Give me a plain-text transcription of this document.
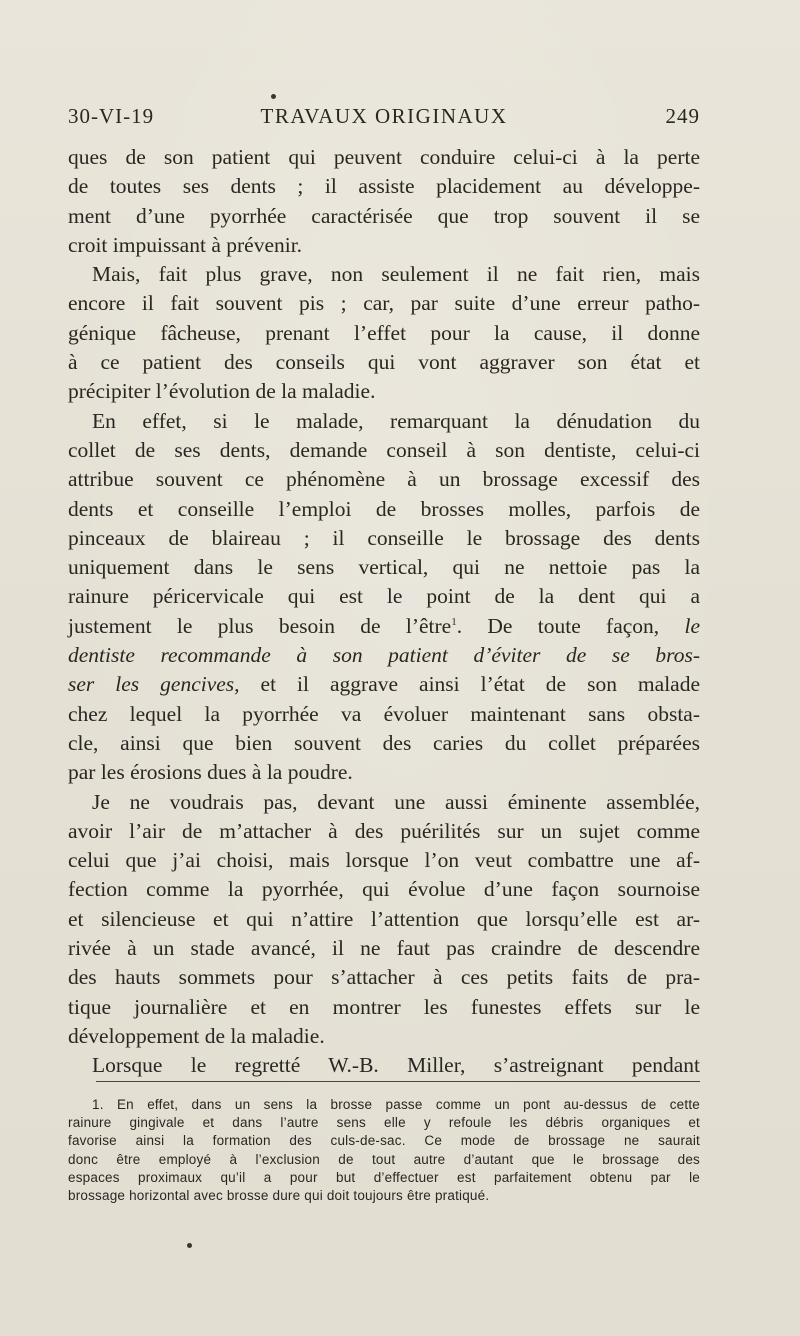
30-VI-19	TRAVAUX ORIGINAUX	249
ques de son patient qui peuvent conduire celui-ci à la perte
de toutes ses dents ; il assiste placidement au développe-
ment d’une pyorrhée caractérisée que trop souvent il se
croit impuissant à prévenir.
Mais, fait plus grave, non seulement il ne fait rien, mais
encore il fait souvent pis ; car, par suite d’une erreur patho-
génique fâcheuse, prenant l’effet pour la cause, il donne
à ce patient des conseils qui vont aggraver son état et
précipiter l’évolution de la maladie.
En effet, si le malade, remarquant la dénudation du
collet de ses dents, demande conseil à son dentiste, celui-ci
attribue souvent ce phénomène à un brossage excessif des
dents et conseille l’emploi de brosses molles, parfois de
pinceaux de blaireau ; il conseille le brossage des dents
uniquement dans le sens vertical, qui ne nettoie pas la
rainure péricervicale qui est le point de la dent qui a
justement le plus besoin de l’être$^1$. De toute façon, le
dentiste recommande à son patient d’éviter de se bros-
ser les gencives, et il aggrave ainsi l’état de son malade
chez lequel la pyorrhée va évoluer maintenant sans obsta-
cle, ainsi que bien souvent des caries du collet préparées
par les érosions dues à la poudre.
Je ne voudrais pas, devant une aussi éminente assemblée,
avoir l’air de m’attacher à des puérilités sur un sujet comme
celui que j’ai choisi, mais lorsque l’on veut combattre une af-
fection comme la pyorrhée, qui évolue d’une façon sournoise
et silencieuse et qui n’attire l’attention que lorsqu’elle est ar-
rivée à un stade avancé, il ne faut pas craindre de descendre
des hauts sommets pour s’attacher à ces petits faits de pra-
tique journalière et en montrer les funestes effets sur le
développement de la maladie.
Lorsque le regretté W.-B. Miller, s’astreignant pendant
1. En effet, dans un sens la brosse passe comme un pont au-dessus de cette
rainure gingivale et dans l’autre sens elle y refoule les débris organiques et
favorise ainsi la formation des culs-de-sac. Ce mode de brossage ne saurait
donc être employé à l’exclusion de tout autre d’autant que le brossage des
espaces proximaux qu’il a pour but d’effectuer est parfaitement obtenu par le
brossage horizontal avec brosse dure qui doit toujours être pratiqué.
